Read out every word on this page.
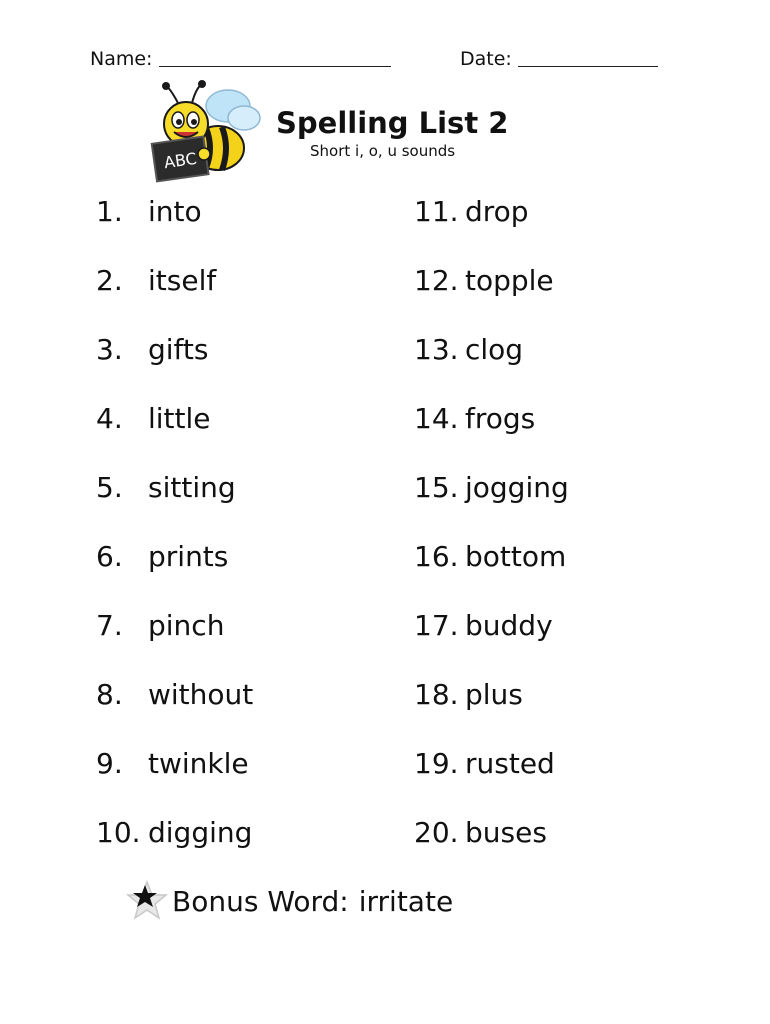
Name:	Date:
ABC
Spelling List 2
Short i, o, u sounds
1. into
2. itself
3. gifts
4. little
5. sitting
6. prints
7. pinch
8. without
9. twinkle
10. digging
11. drop
12. topple
13. clog
14. frogs
15. jogging
16. bottom
17. buddy
18. plus
19. rusted
20. buses
Bonus Word: irritate
